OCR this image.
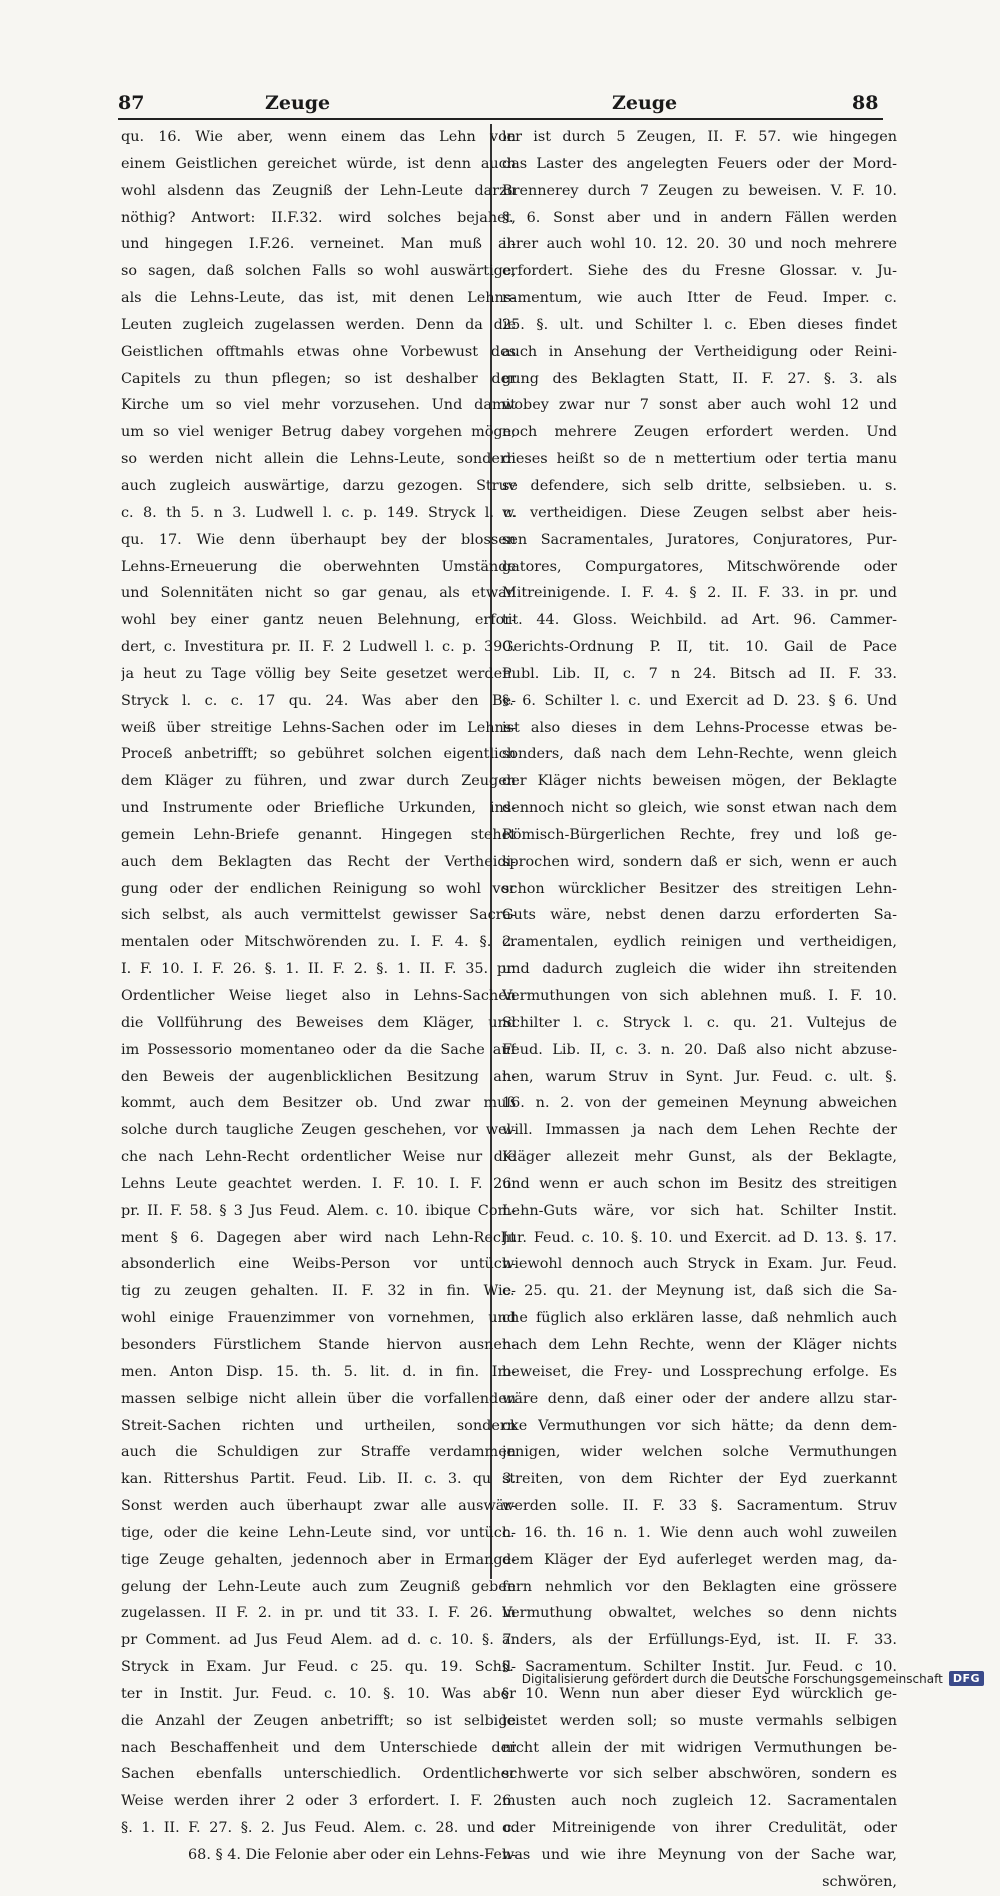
87	Zeuge	Zeuge	88
qu. 16. Wie aber, wenn einem das Lehn von
einem Geistlichen gereichet würde, ist denn auch
wohl alsdenn das Zeugniß der Lehn-Leute darzu
nöthig? Antwort: II.F.32. wird solches bejahet,
und hingegen I.F.26. verneinet. Man muß al-
so sagen, daß solchen Falls so wohl auswärtige,
als die Lehns-Leute, das ist, mit denen Lehns-
Leuten zugleich zugelassen werden. Denn da die
Geistlichen offtmahls etwas ohne Vorbewust des
Capitels zu thun pflegen; so ist deshalber der
Kirche um so viel mehr vorzusehen. Und damit
um so viel weniger Betrug dabey vorgehen möge;
so werden nicht allein die Lehns-Leute, sondern
auch zugleich auswärtige, darzu gezogen. Struv
c. 8. th 5. n 3. Ludwell l. c. p. 149. Stryck l. c.
qu. 17. Wie denn überhaupt bey der blossen
Lehns-Erneuerung die oberwehnten Umstände
und Solennitäten nicht so gar genau, als etwan
wohl bey einer gantz neuen Belehnung, erfor-
dert, c. Investitura pr. II. F. 2 Ludwell l. c. p. 390.
ja heut zu Tage völlig bey Seite gesetzet werden.
Stryck l. c. c. 17 qu. 24. Was aber den Be-
weiß über streitige Lehns-Sachen oder im Lehns-
Proceß anbetrifft; so gebühret solchen eigentlich
dem Kläger zu führen, und zwar durch Zeugen
und Instrumente oder Briefliche Urkunden, ins-
gemein Lehn-Briefe genannt. Hingegen stehet
auch dem Beklagten das Recht der Vertheidi-
gung oder der endlichen Reinigung so wohl vor
sich selbst, als auch vermittelst gewisser Sacra-
mentalen oder Mitschwörenden zu. I. F. 4. §. 2.
I. F. 10. I. F. 26. §. 1. II. F. 2. §. 1. II. F. 35. pr.
Ordentlicher Weise lieget also in Lehns-Sachen
die Vollführung des Beweises dem Kläger, und
im Possessorio momentaneo oder da die Sache auf
den Beweis der augenblicklichen Besitzung an-
kommt, auch dem Besitzer ob. Und zwar muß
solche durch taugliche Zeugen geschehen, vor wel-
che nach Lehn-Recht ordentlicher Weise nur die
Lehns Leute geachtet werden. I. F. 10. I. F. 26.
pr. II. F. 58. § 3 Jus Feud. Alem. c. 10. ibique Com-
ment § 6. Dagegen aber wird nach Lehn-Recht
absonderlich eine Weibs-Person vor untüch-
tig zu zeugen gehalten. II. F. 32 in fin. Wie-
wohl einige Frauenzimmer von vornehmen, und
besonders Fürstlichem Stande hiervon ausneh-
men. Anton Disp. 15. th. 5. lit. d. in fin. Im-
massen selbige nicht allein über die vorfallenden
Streit-Sachen richten und urtheilen, sondern
auch die Schuldigen zur Straffe verdammen
kan. Rittershus Partit. Feud. Lib. II. c. 3. qu 3.
Sonst werden auch überhaupt zwar alle auswär-
tige, oder die keine Lehn-Leute sind, vor untüch-
tige Zeuge gehalten, jedennoch aber in Ermange-
gelung der Lehn-Leute auch zum Zeugniß geben
zugelassen. II F. 2. in pr. und tit 33. I. F. 26. in
pr Comment. ad Jus Feud Alem. ad d. c. 10. §. 7.
Stryck in Exam. Jur Feud. c 25. qu. 19. Schil-
ter in Instit. Jur. Feud. c. 10. §. 10. Was aber
die Anzahl der Zeugen anbetrifft; so ist selbige
nach Beschaffenheit und dem Unterschiede der
Sachen ebenfalls unterschiedlich. Ordentlicher
Weise werden ihrer 2 oder 3 erfordert. I. F. 26.
§. 1. II. F. 27. §. 2. Jus Feud. Alem. c. 28. und c.
68. § 4. Die Felonie aber oder ein Lehns-Feh-
ler ist durch 5 Zeugen, II. F. 57. wie hingegen
das Laster des angelegten Feuers oder der Mord-
Brennerey durch 7 Zeugen zu beweisen. V. F. 10.
§. 6. Sonst aber und in andern Fällen werden
ihrer auch wohl 10. 12. 20. 30 und noch mehrere
erfordert. Siehe des du Fresne Glossar. v. Ju-
ramentum, wie auch Itter de Feud. Imper. c.
25. §. ult. und Schilter l. c. Eben dieses findet
auch in Ansehung der Vertheidigung oder Reini-
gung des Beklagten Statt, II. F. 27. §. 3. als
wobey zwar nur 7 sonst aber auch wohl 12 und
noch mehrere Zeugen erfordert werden. Und
dieses heißt so de n mettertium oder tertia manu
se defendere, sich selb dritte, selbsieben. u. s.
w. vertheidigen. Diese Zeugen selbst aber heis-
sen Sacramentales, Juratores, Conjuratores, Pur-
gatores, Compurgatores, Mitschwörende oder
Mitreinigende. I. F. 4. § 2. II. F. 33. in pr. und
tit. 44. Gloss. Weichbild. ad Art. 96. Cammer-
Gerichts-Ordnung P. II, tit. 10. Gail de Pace
Publ. Lib. II, c. 7 n 24. Bitsch ad II. F. 33.
§. 6. Schilter l. c. und Exercit ad D. 23. § 6. Und
ist also dieses in dem Lehns-Processe etwas be-
sonders, daß nach dem Lehn-Rechte, wenn gleich
der Kläger nichts beweisen mögen, der Beklagte
dennoch nicht so gleich, wie sonst etwan nach dem
Römisch-Bürgerlichen Rechte, frey und loß ge-
sprochen wird, sondern daß er sich, wenn er auch
schon würcklicher Besitzer des streitigen Lehn-
Guts wäre, nebst denen darzu erforderten Sa-
cramentalen, eydlich reinigen und vertheidigen,
und dadurch zugleich die wider ihn streitenden
Vermuthungen von sich ablehnen muß. I. F. 10.
Schilter l. c. Stryck l. c. qu. 21. Vultejus de
Feud. Lib. II, c. 3. n. 20. Daß also nicht abzuse-
hen, warum Struv in Synt. Jur. Feud. c. ult. §.
16. n. 2. von der gemeinen Meynung abweichen
will. Immassen ja nach dem Lehen Rechte der
Kläger allezeit mehr Gunst, als der Beklagte,
und wenn er auch schon im Besitz des streitigen
Lehn-Guts wäre, vor sich hat. Schilter Instit.
Jur. Feud. c. 10. §. 10. und Exercit. ad D. 13. §. 17.
wiewohl dennoch auch Stryck in Exam. Jur. Feud.
c. 25. qu. 21. der Meynung ist, daß sich die Sa-
che füglich also erklären lasse, daß nehmlich auch
nach dem Lehn Rechte, wenn der Kläger nichts
beweiset, die Frey- und Lossprechung erfolge. Es
wäre denn, daß einer oder der andere allzu star-
cke Vermuthungen vor sich hätte; da denn dem-
jenigen, wider welchen solche Vermuthungen
streiten, von dem Richter der Eyd zuerkannt
werden solle. II. F. 33 §. Sacramentum. Struv
c. 16. th. 16 n. 1. Wie denn auch wohl zuweilen
dem Kläger der Eyd auferleget werden mag, da-
fern nehmlich vor den Beklagten eine grössere
Vermuthung obwaltet, welches so denn nichts
anders, als der Erfüllungs-Eyd, ist. II. F. 33.
§. Sacramentum. Schilter Instit. Jur. Feud. c 10.
§. 10. Wenn nun aber dieser Eyd würcklich ge-
leistet werden soll; so muste vermahls selbigen
nicht allein der mit widrigen Vermuthungen be-
schwerte vor sich selber abschwören, sondern es
musten auch noch zugleich 12. Sacramentalen
oder Mitreinigende von ihrer Credulität, oder
was und wie ihre Meynung von der Sache war,
schwören,
Digitalisierung gefördert durch die Deutsche Forschungsgemeinschaft DFG
